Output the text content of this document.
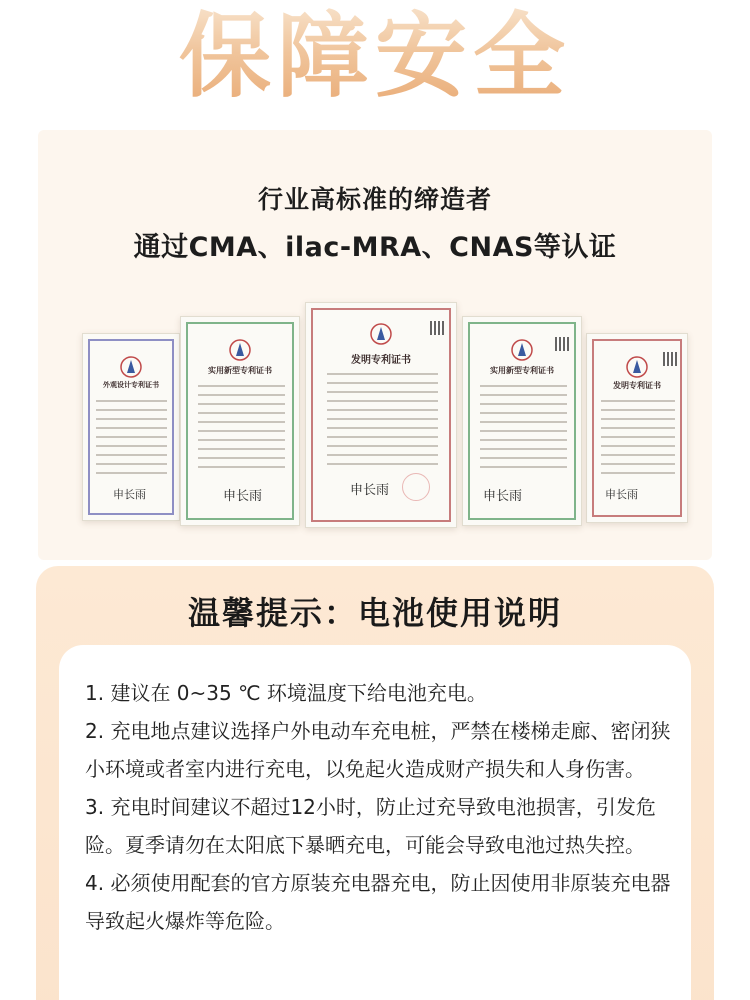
保障安全
行业高标准的缔造者
通过CMA、ilac-MRA、CNAS等认证
外观设计专利证书
申长雨
实用新型专利证书
申长雨
发明专利证书
申长雨
实用新型专利证书
申长雨
发明专利证书
申长雨
温馨提示：电池使用说明

1. 建议在 0~35 ℃ 环境温度下给电池充电。

2. 充电地点建议选择户外电动车充电桩，严禁在楼梯走廊、密闭狭小环境或者室内进行充电，以免起火造成财产损失和人身伤害。

3. 充电时间建议不超过12小时，防止过充导致电池损害，引发危险。夏季请勿在太阳底下暴晒充电，可能会导致电池过热失控。

4. 必须使用配套的官方原装充电器充电，防止因使用非原装充电器导致起火爆炸等危险。
